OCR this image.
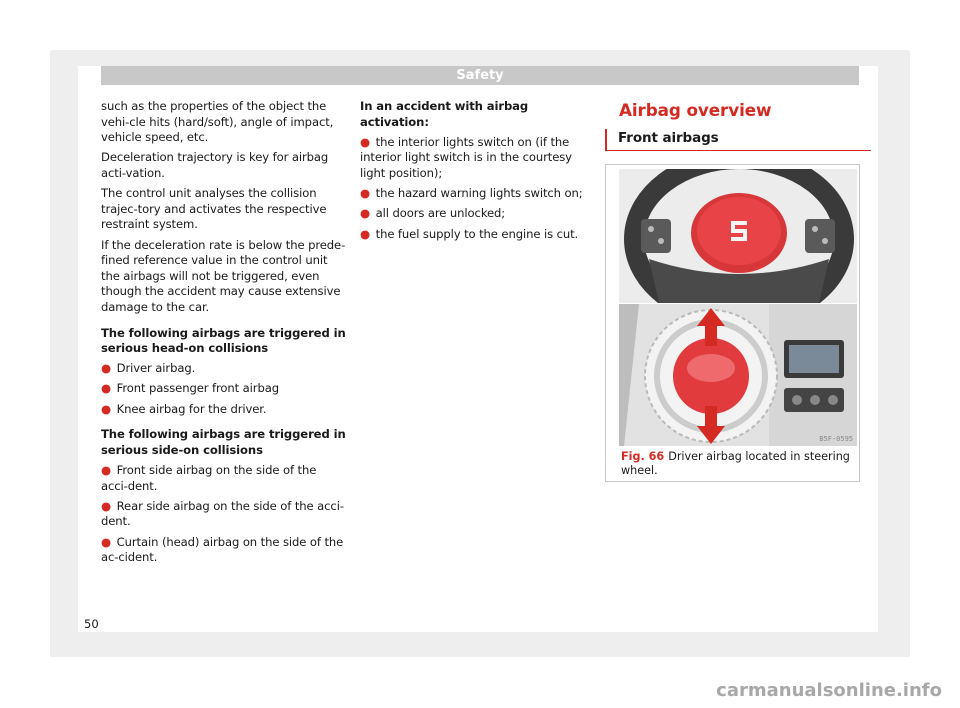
Safety

such as the properties of the object the vehi-cle hits (hard/soft), angle of impact, vehicle speed, etc.

Deceleration trajectory is key for airbag acti-vation.

The control unit analyses the collision trajec-tory and activates the respective restraint system.

If the deceleration rate is below the prede-fined reference value in the control unit the airbags will not be triggered, even though the accident may cause extensive damage to the car.

The following airbags are triggered in serious head-on collisions

● Driver airbag.
● Front passenger front airbag
● Knee airbag for the driver.

The following airbags are triggered in serious side-on collisions

● Front side airbag on the side of the acci-dent.
● Rear side airbag on the side of the acci-dent.
● Curtain (head) airbag on the side of the ac-cident.

In an accident with airbag activation:

● the interior lights switch on (if the interior light switch is in the courtesy light position);
● the hazard warning lights switch on;
● all doors are unlocked;
● the fuel supply to the engine is cut.
Airbag overview
Front airbags
B5F-0595
Fig. 66 Driver airbag located in steering wheel.
50
carmanualsonline.info
